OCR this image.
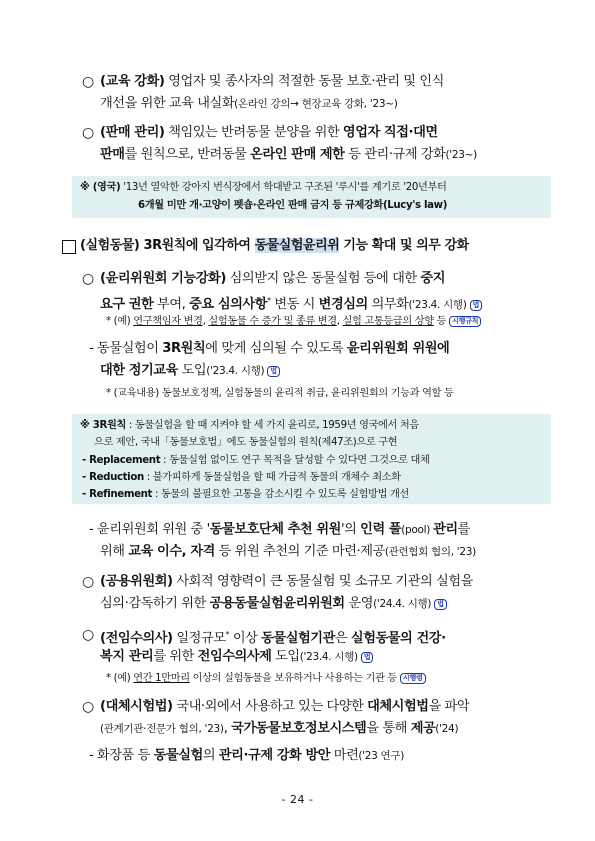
○ (교육 강화) 영업자 및 종사자의 적절한 동물 보호·관리 및 인식
개선을 위한 교육 내실화(온라인 강의→ 현장교육 강화, '23~)
○ (판매 관리) 책임있는 반려동물 분양을 위한 영업자 직접·대면
판매를 원칙으로, 반려동물 온라인 판매 제한 등 관리·규제 강화('23~)
※ (영국) '13년 열악한 강아지 번식장에서 학대받고 구조된 '루시'를 계기로 '20년부터
6개월 미만 개·고양이 펫숍·온라인 판매 금지 등 규제강화(Lucy's law)
(실험동물) 3R원칙에 입각하여 동물실험윤리위 기능 확대 및 의무 강화
○ (윤리위원회 기능강화) 심의받지 않은 동물실험 등에 대한 중지
요구 권한 부여, 중요 심의사항* 변동 시 변경심의 의무화('23.4. 시행) 법
* (예) 연구책임자 변경, 실험동물 수 증가 및 종류 변경, 실험 고통등급의 상향 등 시행규칙
- 동물실험이 3R원칙에 맞게 심의될 수 있도록 윤리위원회 위원에
대한 정기교육 도입('23.4. 시행) 법
* (교육내용) 동물보호정책, 실험동물의 윤리적 취급, 윤리위원회의 기능과 역할 등
※ 3R원칙 : 동물실험을 할 때 지켜야 할 세 가지 윤리로, 1959년 영국에서 처음
으로 제안, 국내「동물보호법」에도 동물실험의 원칙(제47조)으로 구현
- Replacement : 동물실험 없이도 연구 목적을 달성할 수 있다면 그것으로 대체
- Reduction : 불가피하게 동물실험을 할 때 가급적 동물의 개체수 최소화
- Refinement : 동물의 불필요한 고통을 감소시킬 수 있도록 실험방법 개선
- 윤리위원회 위원 중 '동물보호단체 추천 위원'의 인력 풀(pool) 관리를
위해 교육 이수, 자격 등 위원 추천의 기준 마련·제공(관련협회 협의, '23)
○ (공용위원회) 사회적 영향력이 큰 동물실험 및 소규모 기관의 실험을
심의·감독하기 위한 공용동물실험윤리위원회 운영('24.4. 시행) 법
○ (전임수의사) 일정규모* 이상 동물실험기관은 실험동물의 건강·
복지 관리를 위한 전임수의사제 도입('23.4. 시행) 법
* (예) 연간 1만마리 이상의 실험동물을 보유하거나 사용하는 기관 등 시행령
○ (대체시험법) 국내·외에서 사용하고 있는 다양한 대체시험법을 파악
(관계기관·전문가 협의, '23), 국가동물보호정보시스템을 통해 제공('24)
- 화장품 등 동물실험의 관리·규제 강화 방안 마련('23 연구)
- 24 -
